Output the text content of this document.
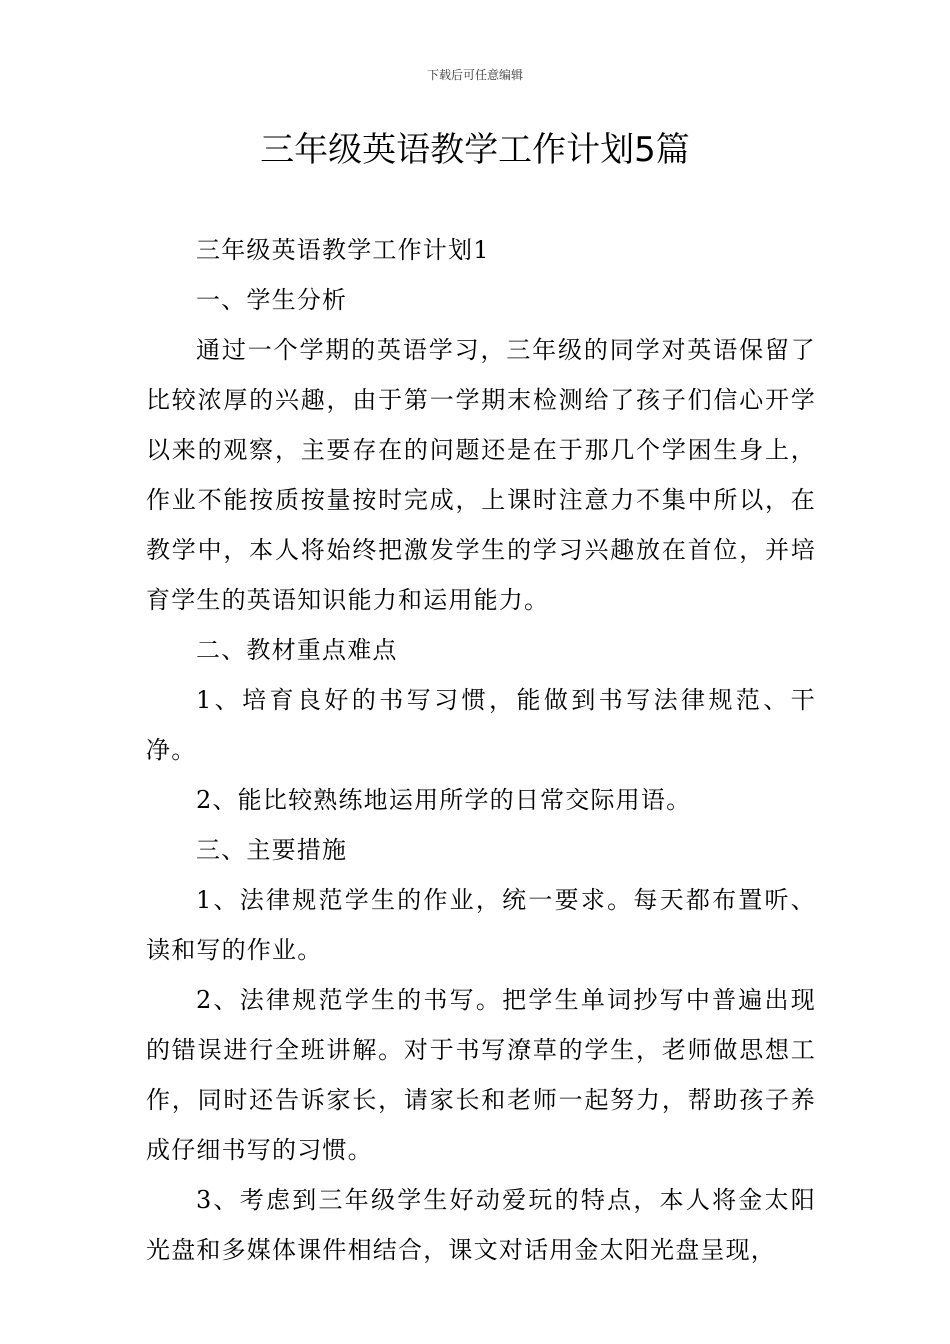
下载后可任意编辑
三年级英语教学工作计划5篇

三年级英语教学工作计划1

一、学生分析

通过一个学期的英语学习，三年级的同学对英语保留了比较浓厚的兴趣，由于第一学期末检测给了孩子们信心开学以来的观察，主要存在的问题还是在于那几个学困生身上，作业不能按质按量按时完成，上课时注意力不集中所以，在教学中，本人将始终把激发学生的学习兴趣放在首位，并培育学生的英语知识能力和运用能力。

二、教材重点难点

1、培育良好的书写习惯，能做到书写法律规范、干净。

2、能比较熟练地运用所学的日常交际用语。

三、主要措施

1、法律规范学生的作业，统一要求。每天都布置听、读和写的作业。

2、法律规范学生的书写。把学生单词抄写中普遍出现的错误进行全班讲解。对于书写潦草的学生，老师做思想工作，同时还告诉家长，请家长和老师一起努力，帮助孩子养成仔细书写的习惯。

3、考虑到三年级学生好动爱玩的特点，本人将金太阳光盘和多媒体课件相结合，课文对话用金太阳光盘呈现，
